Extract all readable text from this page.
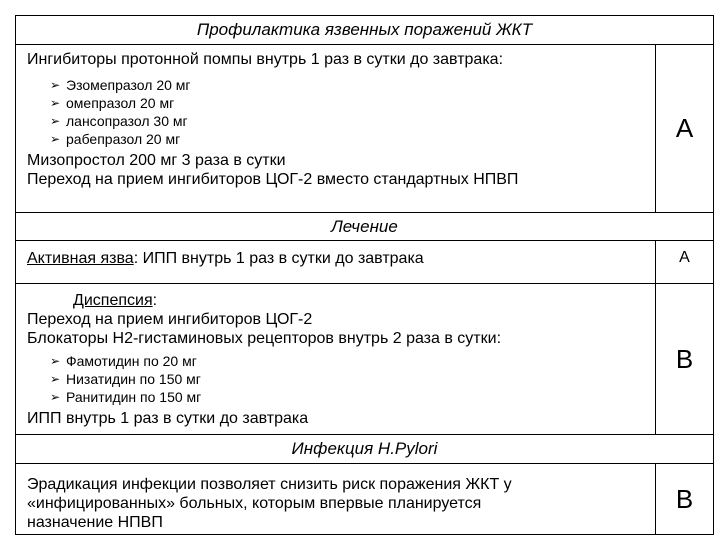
Профилактика язвенных поражений ЖКТ
Ингибиторы протонной помпы внутрь 1 раз в сутки до завтрака:
➢ Эзомепразол 20 мг
➢ омепразол 20 мг
➢ лансопразол 30 мг
➢ рабепразол 20 мг
Мизопростол 200 мг 3 раза в сутки
Переход на прием ингибиторов ЦОГ-2 вместо стандартных НПВП
А
Лечение
Активная язва: ИПП внутрь 1 раз в сутки до завтрака	А
Диспепсия:
Переход на прием ингибиторов ЦОГ-2
Блокаторы Н2-гистаминовых рецепторов внутрь 2 раза в сутки:
➢ Фамотидин по 20 мг
➢ Низатидин по 150 мг
➢ Ранитидин по 150 мг
ИПП внутрь 1 раз в сутки до завтрака
В
Инфекция Н.Pylori
Эрадикация инфекции позволяет снизить риск поражения ЖКТ у
«инфицированных» больных, которым впервые планируется
назначение НПВП
В
